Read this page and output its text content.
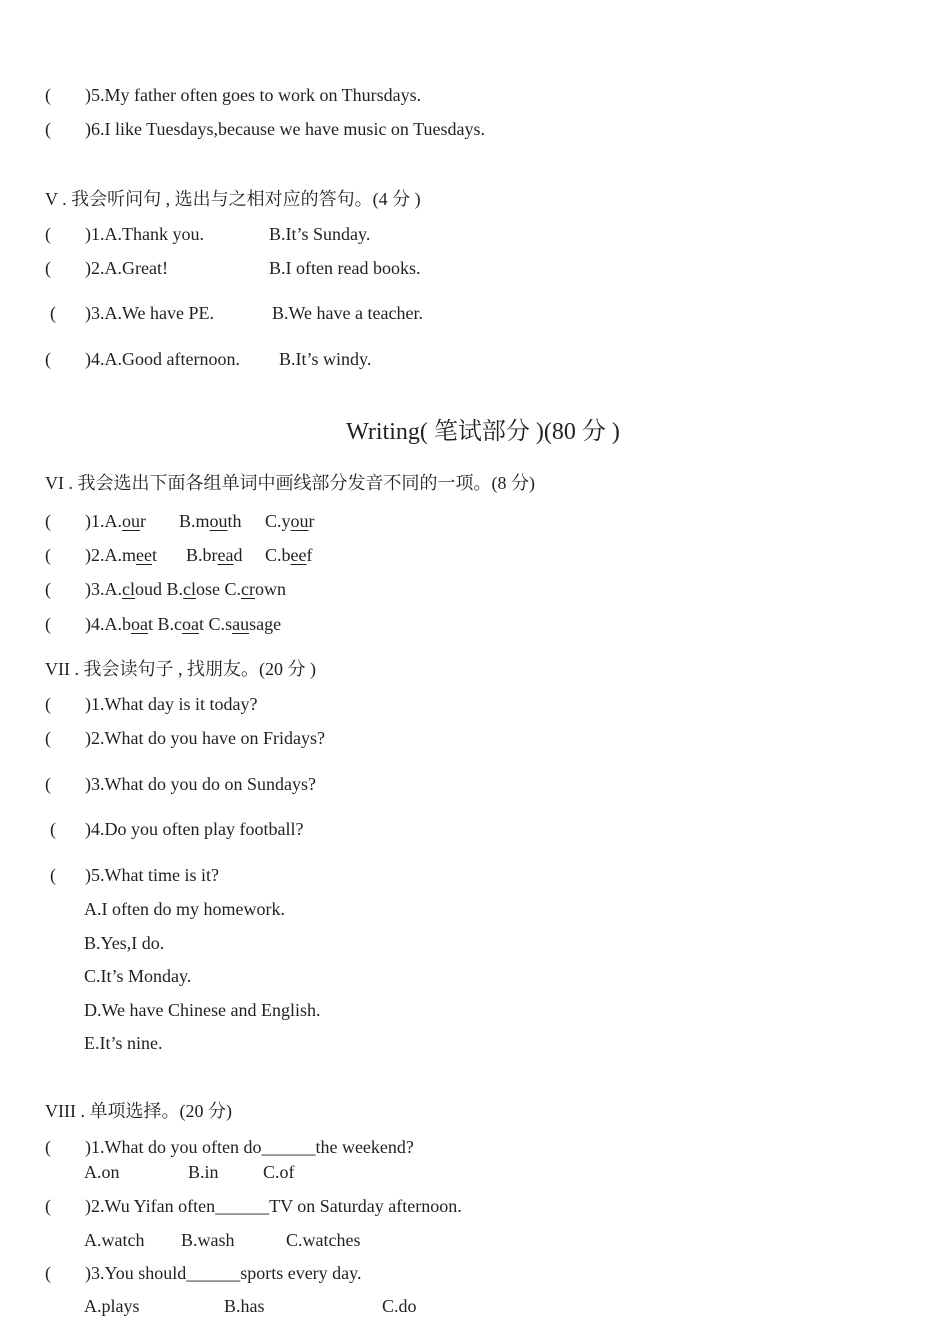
( )5.My father often goes to work on Thursdays.
( )6.I like Tuesdays,because we have music on Tuesdays.
V . 我会听问句 , 选出与之相对应的答句。(4 分 )
( )1.A.Thank you.	B.It’s Sunday.
( )2.A.Great!	B.I often read books.
( )3.A.We have PE.	B.We have a teacher.
( )4.A.Good afternoon. B.It’s windy.
Writing( 笔试部分 )(80 分 )
VI . 我会选出下面各组单词中画线部分发音不同的一项。(8 分)
( )1.A.our B.mouth C.your
( )2.A.meet B.bread C.beef
( )3.A.cloud B.close C.crown
( )4.A.boat B.coat C.sausage
VII . 我会读句子 , 找朋友。(20 分 )
( )1.What day is it today?
( )2.What do you have on Fridays?
( )3.What do you do on Sundays?
( )4.Do you often play football?
( )5.What time is it?
A.I often do my homework.
B.Yes,I do.
C.It’s Monday.
D.We have Chinese and English.
E.It’s nine.
VIII . 单项选择。(20 分)
( )1.What do you often do______the weekend?
A.on	B.in C.of
( )2.Wu Yifan often______TV on Saturday afternoon.
A.watch B.wash	C.watches
( )3.You should______sports every day.
A.plays	B.has	C.do
